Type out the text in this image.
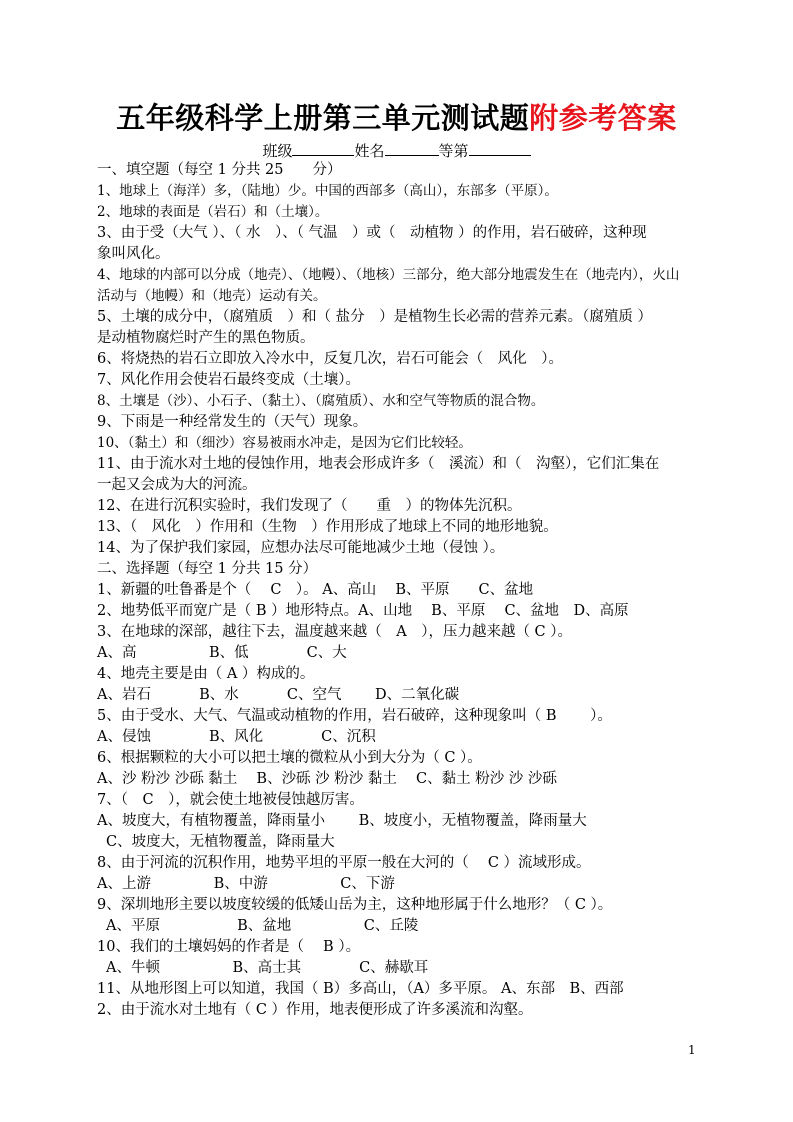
五年级科学上册第三单元测试题附参考答案
班级	姓名	等第
一、填空题（每空 1 分共 25　　分）
1、地球上（海洋）多，（陆地）少。中国的西部多（高山），东部多（平原）。
2、地球的表面是（岩石）和（土壤）。
3、由于受（大气 ）、（ 水　）、（ 气温　）或（　动植物 ）的作用，岩石破碎，这种现
象叫风化。
4、地球的内部可以分成（地壳）、（地幔）、（地核）三部分，绝大部分地震发生在（地壳内），火山
活动与（地幔）和（地壳）运动有关。
5、土壤的成分中，（腐殖质　）和（ 盐分　）是植物生长必需的营养元素。（腐殖质 ）
是动植物腐烂时产生的黑色物质。
6、将烧热的岩石立即放入冷水中，反复几次，岩石可能会（　风化　）。
7、风化作用会使岩石最终变成（土壤）。
8、土壤是（沙）、小石子、（黏土）、（腐殖质）、水和空气等物质的混合物。
9、下雨是一种经常发生的（天气）现象。
10、（黏土）和（细沙）容易被雨水冲走，是因为它们比较轻。
11、由于流水对土地的侵蚀作用，地表会形成许多（　溪流）和（　沟壑），它们汇集在
一起又会成为大的河流。
12、在进行沉积实验时，我们发现了（　　重　）的物体先沉积。
13、（　风化　）作用和（生物　）作用形成了地球上不同的地形地貌。
14、为了保护我们家园，应想办法尽可能地减少土地（侵蚀 ）。
二、选择题（每空 1 分共 15 分）
1、新疆的吐鲁番是个（　 C　）。 A、高山　 B、平原　　C、盆地
2、地势低平而宽广是（ B ）地形特点。A、山地　 B、平原　 C、盆地　D、高原
3、在地球的深部，越往下去，温度越来越（　A　），压力越来越（ C ）。
A、高　　　　　B、低　　　　C、大
4、地壳主要是由（ A ）构成的。
A、岩石　　　 B、水　　　 C、空气　　 D、二氧化碳
5、由于受水、大气、气温或动植物的作用，岩石破碎，这种现象叫（ B　　 ）。
A、侵蚀　　　　B、风化　　　　C、沉积
6、根据颗粒的大小可以把土壤的微粒从小到大分为（ C ）。
A、沙 粉沙 沙砾 黏土　 B、沙砾 沙 粉沙 黏土　 C、黏土 粉沙 沙 沙砾
7、（　C　），就会使土地被侵蚀越厉害。
A、坡度大，有植物覆盖，降雨量小　　 B、坡度小，无植物覆盖，降雨量大
C、坡度大，无植物覆盖，降雨量大
8、由于河流的沉积作用，地势平坦的平原一般在大河的（　 C ）流域形成。
A、上游　　　　 B、中游　　　　　C、下游
9、深圳地形主要以坡度较缓的低矮山岳为主，这种地形属于什么地形？（ C ）。
A、平原　　　　　 B、盆地　　　　　C、丘陵
10、我们的土壤妈妈的作者是（　 B ）。
A、牛顿　　　　　B、高士其　　　　C、赫歇耳
11、从地形图上可以知道，我国（ B）多高山，（A）多平原。 A、东部　B、西部
2、由于流水对土地有（ C ）作用，地表便形成了许多溪流和沟壑。
1
